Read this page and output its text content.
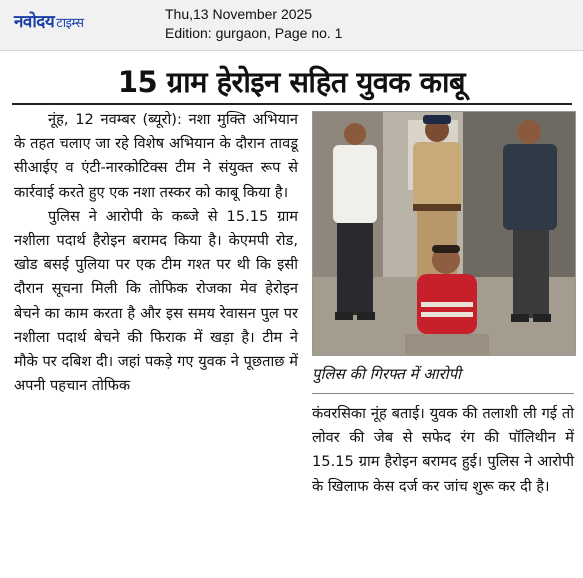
नवोदय टाइम्स
Thu,13 November 2025
Edition: gurgaon, Page no. 1
15 ग्राम हेरोइन सहित युवक काबू

नूंह, 12 नवम्बर (ब्यूरो): नशा मुक्ति अभियान के तहत चलाए जा रहे विशेष अभियान के दौरान तावडू सीआईए व एंटी-नारकोटिक्स टीम ने संयुक्त रूप से कार्रवाई करते हुए एक नशा तस्कर को काबू किया है।

पुलिस ने आरोपी के कब्जे से 15.15 ग्राम नशीला पदार्थ हैरोइन बरामद किया है। केएमपी रोड, खोड बसई पुलिया पर एक टीम गश्त पर थी कि इसी दौरान सूचना मिली कि तोफिक रोजका मेव हेरोइन बेचने का काम करता है और इस समय रेवासन पुल पर नशीला पदार्थ बेचने की फिराक में खड़ा है। टीम ने मौके पर दबिश दी। जहां पकड़े गए युवक ने पूछताछ में अपनी पहचान तोफिक

पुलिस की गिरफ्त में आरोपी

कंवरसिका नूंह बताई। युवक की तलाशी ली गई तो लोवर की जेब से सफेद रंग की पॉलिथीन में 15.15 ग्राम हैरोइन बरामद हुई। पुलिस ने आरोपी के खिलाफ केस दर्ज कर जांच शुरू कर दी है।
